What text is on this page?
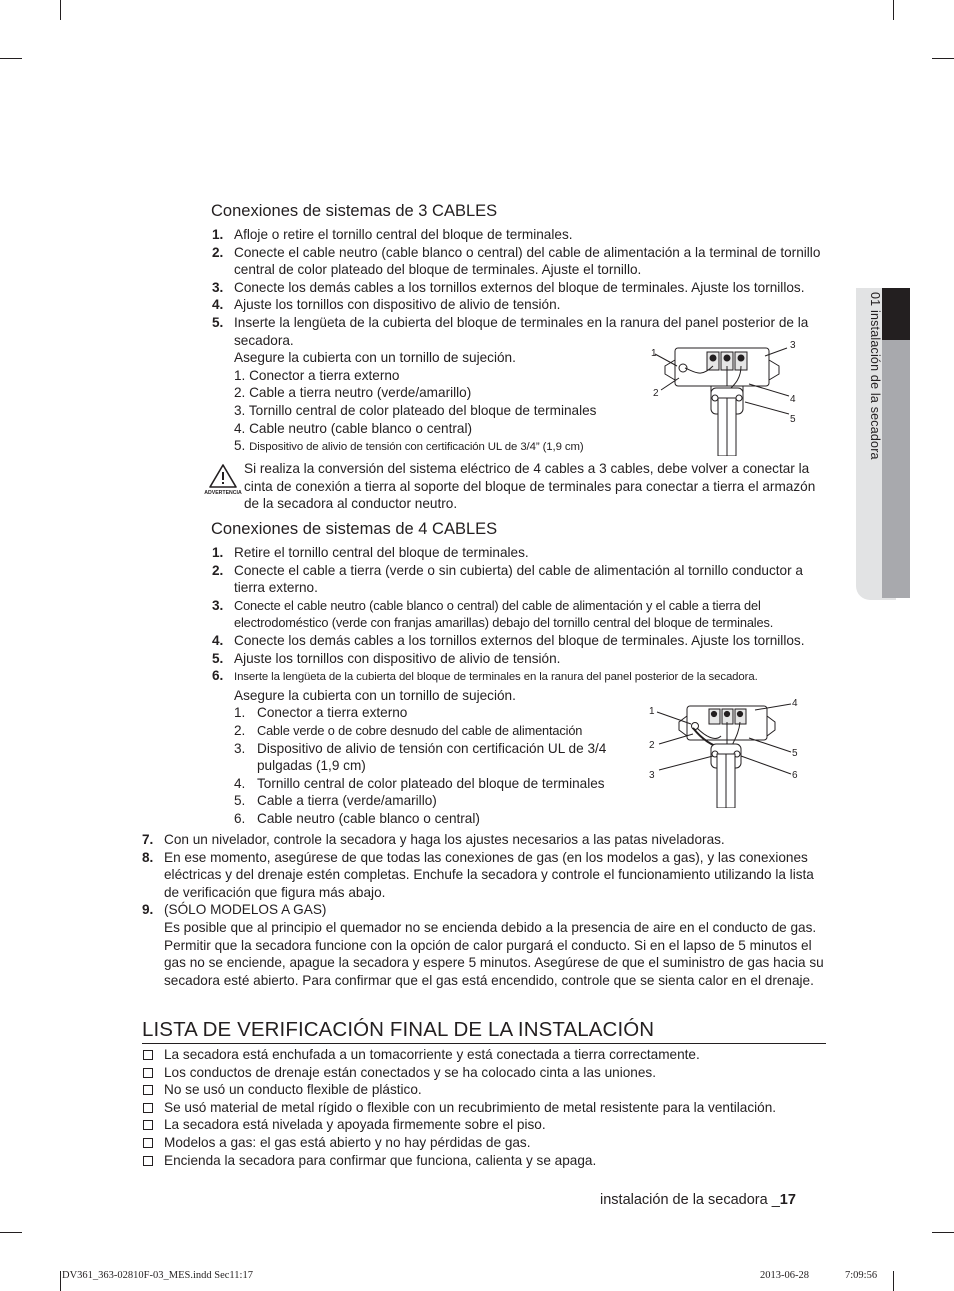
01 instalación de la secadora
Conexiones de sistemas de 3 CABLES
1. Afloje o retire el tornillo central del bloque de terminales.
2. Conecte el cable neutro (cable blanco o central) del cable de alimentación a la terminal de tornillo central de color plateado del bloque de terminales. Ajuste el tornillo.
3. Conecte los demás cables a los tornillos externos del bloque de terminales. Ajuste los tornillos.
4. Ajuste los tornillos con dispositivo de alivio de tensión.
5. Inserte la lengüeta de la cubierta del bloque de terminales en la ranura del panel posterior de la secadora.
Asegure la cubierta con un tornillo de sujeción.
1. Conector a tierra externo
2. Cable a tierra neutro (verde/amarillo)
3. Tornillo central de color plateado del bloque de terminales
4. Cable neutro (cable blanco o central)
5. Dispositivo de alivio de tensión con certificación UL de 3/4” (1,9 cm)
1
2
3
4
5
ADVERTENCIA
Si realiza la conversión del sistema eléctrico de 4 cables a 3 cables, debe volver a conectar la cinta de conexión a tierra al soporte del bloque de terminales para conectar a tierra el armazón de la secadora al conductor neutro.
Conexiones de sistemas de 4 CABLES
1. Retire el tornillo central del bloque de terminales.
2. Conecte el cable a tierra (verde o sin cubierta) del cable de alimentación al tornillo conductor a tierra externo.
3. Conecte el cable neutro (cable blanco o central) del cable de alimentación y el cable a tierra del electrodoméstico (verde con franjas amarillas) debajo del tornillo central del bloque de terminales.
4. Conecte los demás cables a los tornillos externos del bloque de terminales. Ajuste los tornillos.
5. Ajuste los tornillos con dispositivo de alivio de tensión.
6. Inserte la lengüeta de la cubierta del bloque de terminales en la ranura del panel posterior de la secadora.
Asegure la cubierta con un tornillo de sujeción.
1. Conector a tierra externo
2. Cable verde o de cobre desnudo del cable de alimentación
3. Dispositivo de alivio de tensión con certificación UL de 3/4 pulgadas (1,9 cm)
4. Tornillo central de color plateado del bloque de terminales
5. Cable a tierra (verde/amarillo)
6. Cable neutro (cable blanco o central)
1
2
3
4
5
6
7. Con un nivelador, controle la secadora y haga los ajustes necesarios a las patas niveladoras.
8. En ese momento, asegúrese de que todas las conexiones de gas (en los modelos a gas), y las conexiones eléctricas y del drenaje estén completas. Enchufe la secadora y controle el funcionamiento utilizando la lista de verificación que figura más abajo.
9. (SÓLO MODELOS A GAS)
Es posible que al principio el quemador no se encienda debido a la presencia de aire en el conducto de gas. Permitir que la secadora funcione con la opción de calor purgará el conducto. Si en el lapso de 5 minutos el gas no se enciende, apague la secadora y espere 5 minutos. Asegúrese de que el suministro de gas hacia su secadora esté abierto. Para confirmar que el gas está encendido, controle que se sienta calor en el drenaje.
LISTA DE VERIFICACIÓN FINAL DE LA INSTALACIÓN
La secadora está enchufada a un tomacorriente y está conectada a tierra correctamente.
Los conductos de drenaje están conectados y se ha colocado cinta a las uniones.
No se usó un conducto flexible de plástico.
Se usó material de metal rígido o flexible con un recubrimiento de metal resistente para la ventilación.
La secadora está nivelada y apoyada firmemente sobre el piso.
Modelos a gas: el gas está abierto y no hay pérdidas de gas.
Encienda la secadora para confirmar que funciona, calienta y se apaga.
instalación de la secadora _17
DV361_363-02810F-03_MES.indd Sec11:17	2013-06-28	7:09:56
